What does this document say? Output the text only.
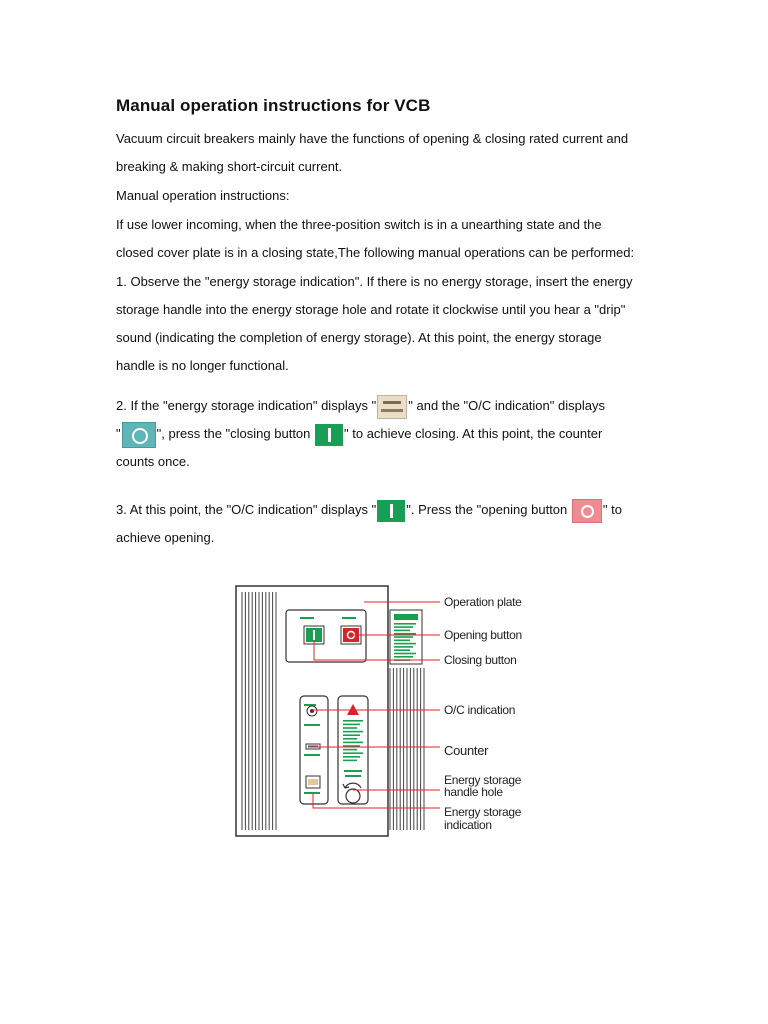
Manual operation instructions for VCB

Vacuum circuit breakers mainly have the functions of opening & closing rated current and
breaking & making short-circuit current.

Manual operation instructions:

If use lower incoming, when the three-position switch is in a unearthing state and the
closed cover plate is in a closing state,The following manual operations can be performed:

1. Observe the "energy storage indication". If there is no energy storage, insert the energy
storage handle into the energy storage hole and rotate it clockwise until you hear a "drip"
sound (indicating the completion of energy storage). At this point, the energy storage
handle is no longer functional.

2. If the "energy storage indication" displays " " and the "O/C indication" displays
"	", press the "closing button	" to achieve closing. At this point, the counter
counts once.

3. At this point, the "O/C indication" displays " ". Press the "opening button	" to
achieve opening.

Operation plate
Opening button
Closing button
O/C indication
Counter
Energy storage
handle hole
Energy storage
indication
